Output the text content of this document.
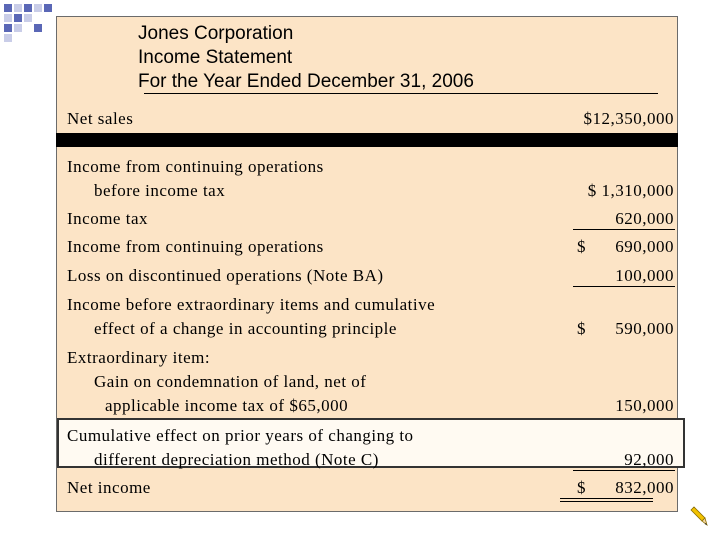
Jones Corporation
Income Statement
For the Year Ended December 31, 2006
Net sales	$12,350,000
Income from continuing operations
before income tax	$ 1,310,000
Income tax	620,000
Income from continuing operations	$ 690,000
Loss on discontinued operations (Note BA)	100,000
Income before extraordinary items and cumulative
effect of a change in accounting principle	$ 590,000
Extraordinary item:
Gain on condemnation of land, net of
applicable income tax of $65,000	150,000
Cumulative effect on prior years of changing to
different depreciation method (Note C)	92,000
Net income	$ 832,000
